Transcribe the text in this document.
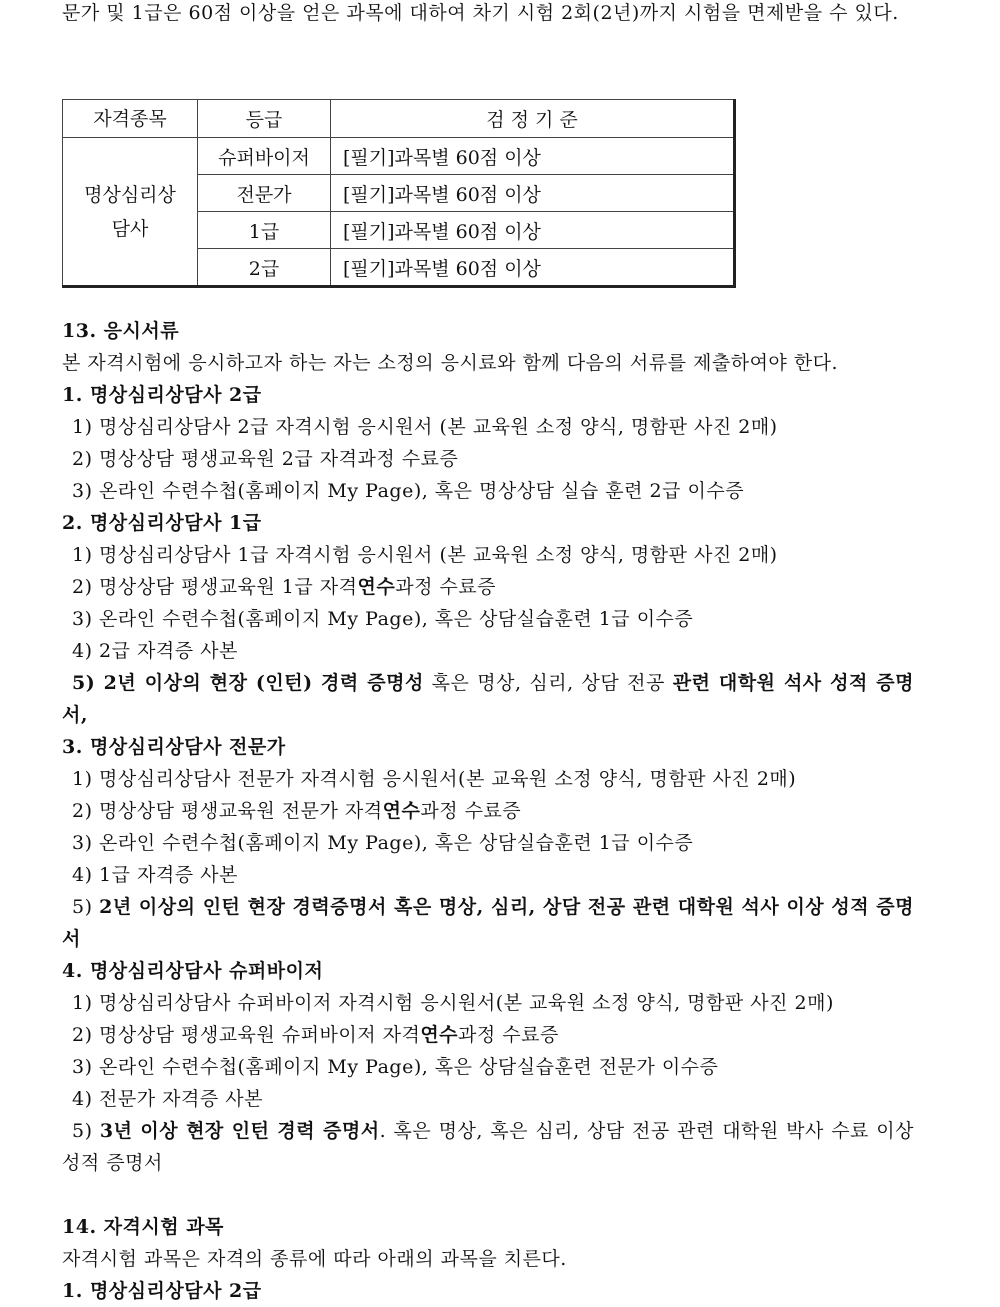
문가 및 1급은 60점 이상을 얻은 과목에 대하여 차기 시험 2회(2년)까지 시험을 면제받을 수 있다.

자격종목	등급	검 정 기 준
명상심리상담사	슈퍼바이저	[필기]과목별 60점 이상
	전문가	[필기]과목별 60점 이상
	1급	[필기]과목별 60점 이상
	2급	[필기]과목별 60점 이상
13. 응시서류
본 자격시험에 응시하고자 하는 자는 소정의 응시료와 함께 다음의 서류를 제출하여야 한다.
1. 명상심리상담사 2급
1) 명상심리상담사 2급 자격시험 응시원서 (본 교육원 소정 양식, 명함판 사진 2매)
2) 명상상담 평생교육원 2급 자격과정 수료증
3) 온라인 수련수첩(홈페이지 My Page), 혹은 명상상담 실습 훈련 2급 이수증
2. 명상심리상담사 1급
1) 명상심리상담사 1급 자격시험 응시원서 (본 교육원 소정 양식, 명함판 사진 2매)
2) 명상상담 평생교육원 1급 자격연수과정 수료증
3) 온라인 수련수첩(홈페이지 My Page), 혹은 상담실습훈련 1급 이수증
4) 2급 자격증 사본
5) 2년 이상의 현장 (인턴) 경력 증명성 혹은 명상, 심리, 상담 전공 관련 대학원 석사 성적 증명서,
3. 명상심리상담사 전문가
1) 명상심리상담사 전문가 자격시험 응시원서(본 교육원 소정 양식, 명함판 사진 2매)
2) 명상상담 평생교육원 전문가 자격연수과정 수료증
3) 온라인 수련수첩(홈페이지 My Page), 혹은 상담실습훈련 1급 이수증
4) 1급 자격증 사본
5) 2년 이상의 인턴 현장 경력증명서 혹은 명상, 심리, 상담 전공 관련 대학원 석사 이상 성적 증명서
4. 명상심리상담사 슈퍼바이저
1) 명상심리상담사 슈퍼바이저 자격시험 응시원서(본 교육원 소정 양식, 명함판 사진 2매)
2) 명상상담 평생교육원 슈퍼바이저 자격연수과정 수료증
3) 온라인 수련수첩(홈페이지 My Page), 혹은 상담실습훈련 전문가 이수증
4) 전문가 자격증 사본
5) 3년 이상 현장 인턴 경력 증명서. 혹은 명상, 혹은 심리, 상담 전공 관련 대학원 박사 수료 이상 성적 증명서
14. 자격시험 과목
자격시험 과목은 자격의 종류에 따라 아래의 과목을 치른다.
1. 명상심리상담사 2급
